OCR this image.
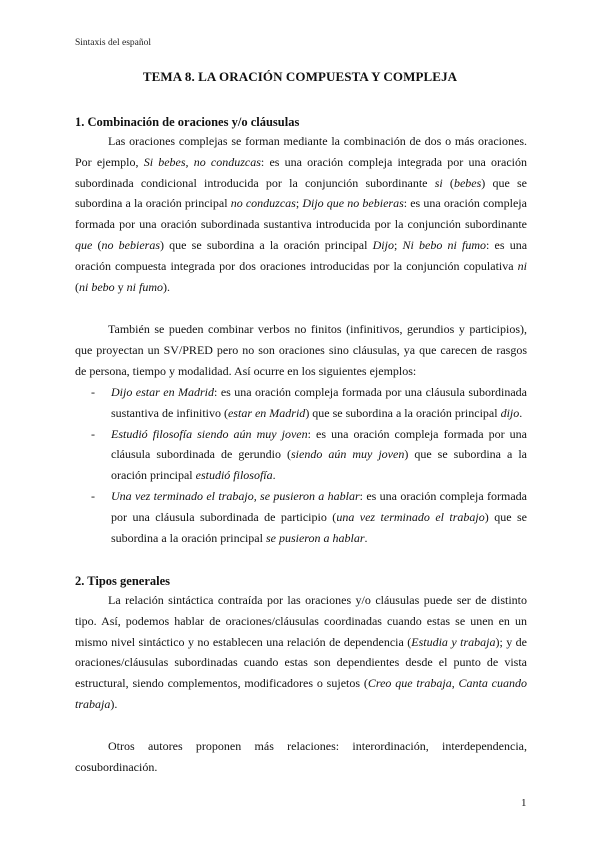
Sintaxis del español
TEMA 8. LA ORACIÓN COMPUESTA Y COMPLEJA
1. Combinación de oraciones y/o cláusulas
Las oraciones complejas se forman mediante la combinación de dos o más oraciones. Por ejemplo, Si bebes, no conduzcas: es una oración compleja integrada por una oración subordinada condicional introducida por la conjunción subordinante si (bebes) que se subordina a la oración principal no conduzcas; Dijo que no bebieras: es una oración compleja formada por una oración subordinada sustantiva introducida por la conjunción subordinante que (no bebieras) que se subordina a la oración principal Dijo; Ni bebo ni fumo: es una oración compuesta integrada por dos oraciones introducidas por la conjunción copulativa ni (ni bebo y ni fumo).
También se pueden combinar verbos no finitos (infinitivos, gerundios y participios), que proyectan un SV/PRED pero no son oraciones sino cláusulas, ya que carecen de rasgos de persona, tiempo y modalidad. Así ocurre en los siguientes ejemplos:
- Dijo estar en Madrid: es una oración compleja formada por una cláusula subordinada sustantiva de infinitivo (estar en Madrid) que se subordina a la oración principal dijo.
- Estudió filosofía siendo aún muy joven: es una oración compleja formada por una cláusula subordinada de gerundio (siendo aún muy joven) que se subordina a la oración principal estudió filosofía.
- Una vez terminado el trabajo, se pusieron a hablar: es una oración compleja formada por una cláusula subordinada de participio (una vez terminado el trabajo) que se subordina a la oración principal se pusieron a hablar.
2. Tipos generales
La relación sintáctica contraída por las oraciones y/o cláusulas puede ser de distinto tipo. Así, podemos hablar de oraciones/cláusulas coordinadas cuando estas se unen en un mismo nivel sintáctico y no establecen una relación de dependencia (Estudia y trabaja); y de oraciones/cláusulas subordinadas cuando estas son dependientes desde el punto de vista estructural, siendo complementos, modificadores o sujetos (Creo que trabaja, Canta cuando trabaja).
Otros autores proponen más relaciones: interordinación, interdependencia, cosubordinación.
1
